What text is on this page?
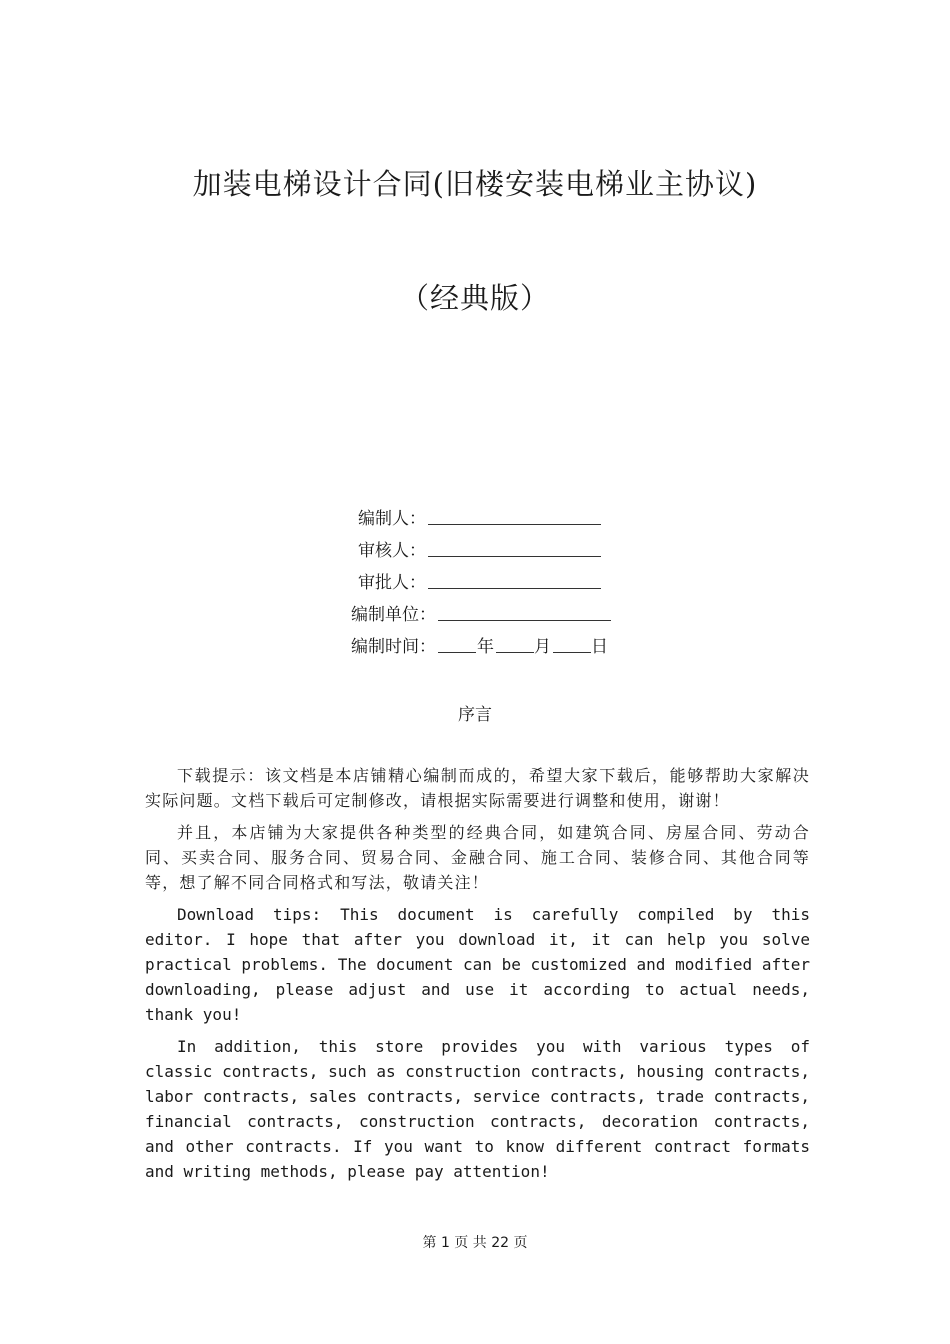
加装电梯设计合同(旧楼安装电梯业主协议)
（经典版）
编制人：
审核人：
审批人：
编制单位：
编制时间： 年 月 日
序言

下载提示：该文档是本店铺精心编制而成的，希望大家下载后，能够帮助大家解决实际问题。文档下载后可定制修改，请根据实际需要进行调整和使用，谢谢！

并且，本店铺为大家提供各种类型的经典合同，如建筑合同、房屋合同、劳动合同、买卖合同、服务合同、贸易合同、金融合同、施工合同、装修合同、其他合同等等，想了解不同合同格式和写法，敬请关注！

Download tips: This document is carefully compiled by this editor. I hope that after you download it, it can help you solve practical problems. The document can be customized and modified after downloading, please adjust and use it according to actual needs, thank you!

In addition, this store provides you with various types of classic contracts, such as construction contracts, housing contracts, labor contracts, sales contracts, service contracts, trade contracts, financial contracts, construction contracts, decoration contracts, and other contracts. If you want to know different contract formats and writing methods, please pay attention!

第 1 页 共 22 页
